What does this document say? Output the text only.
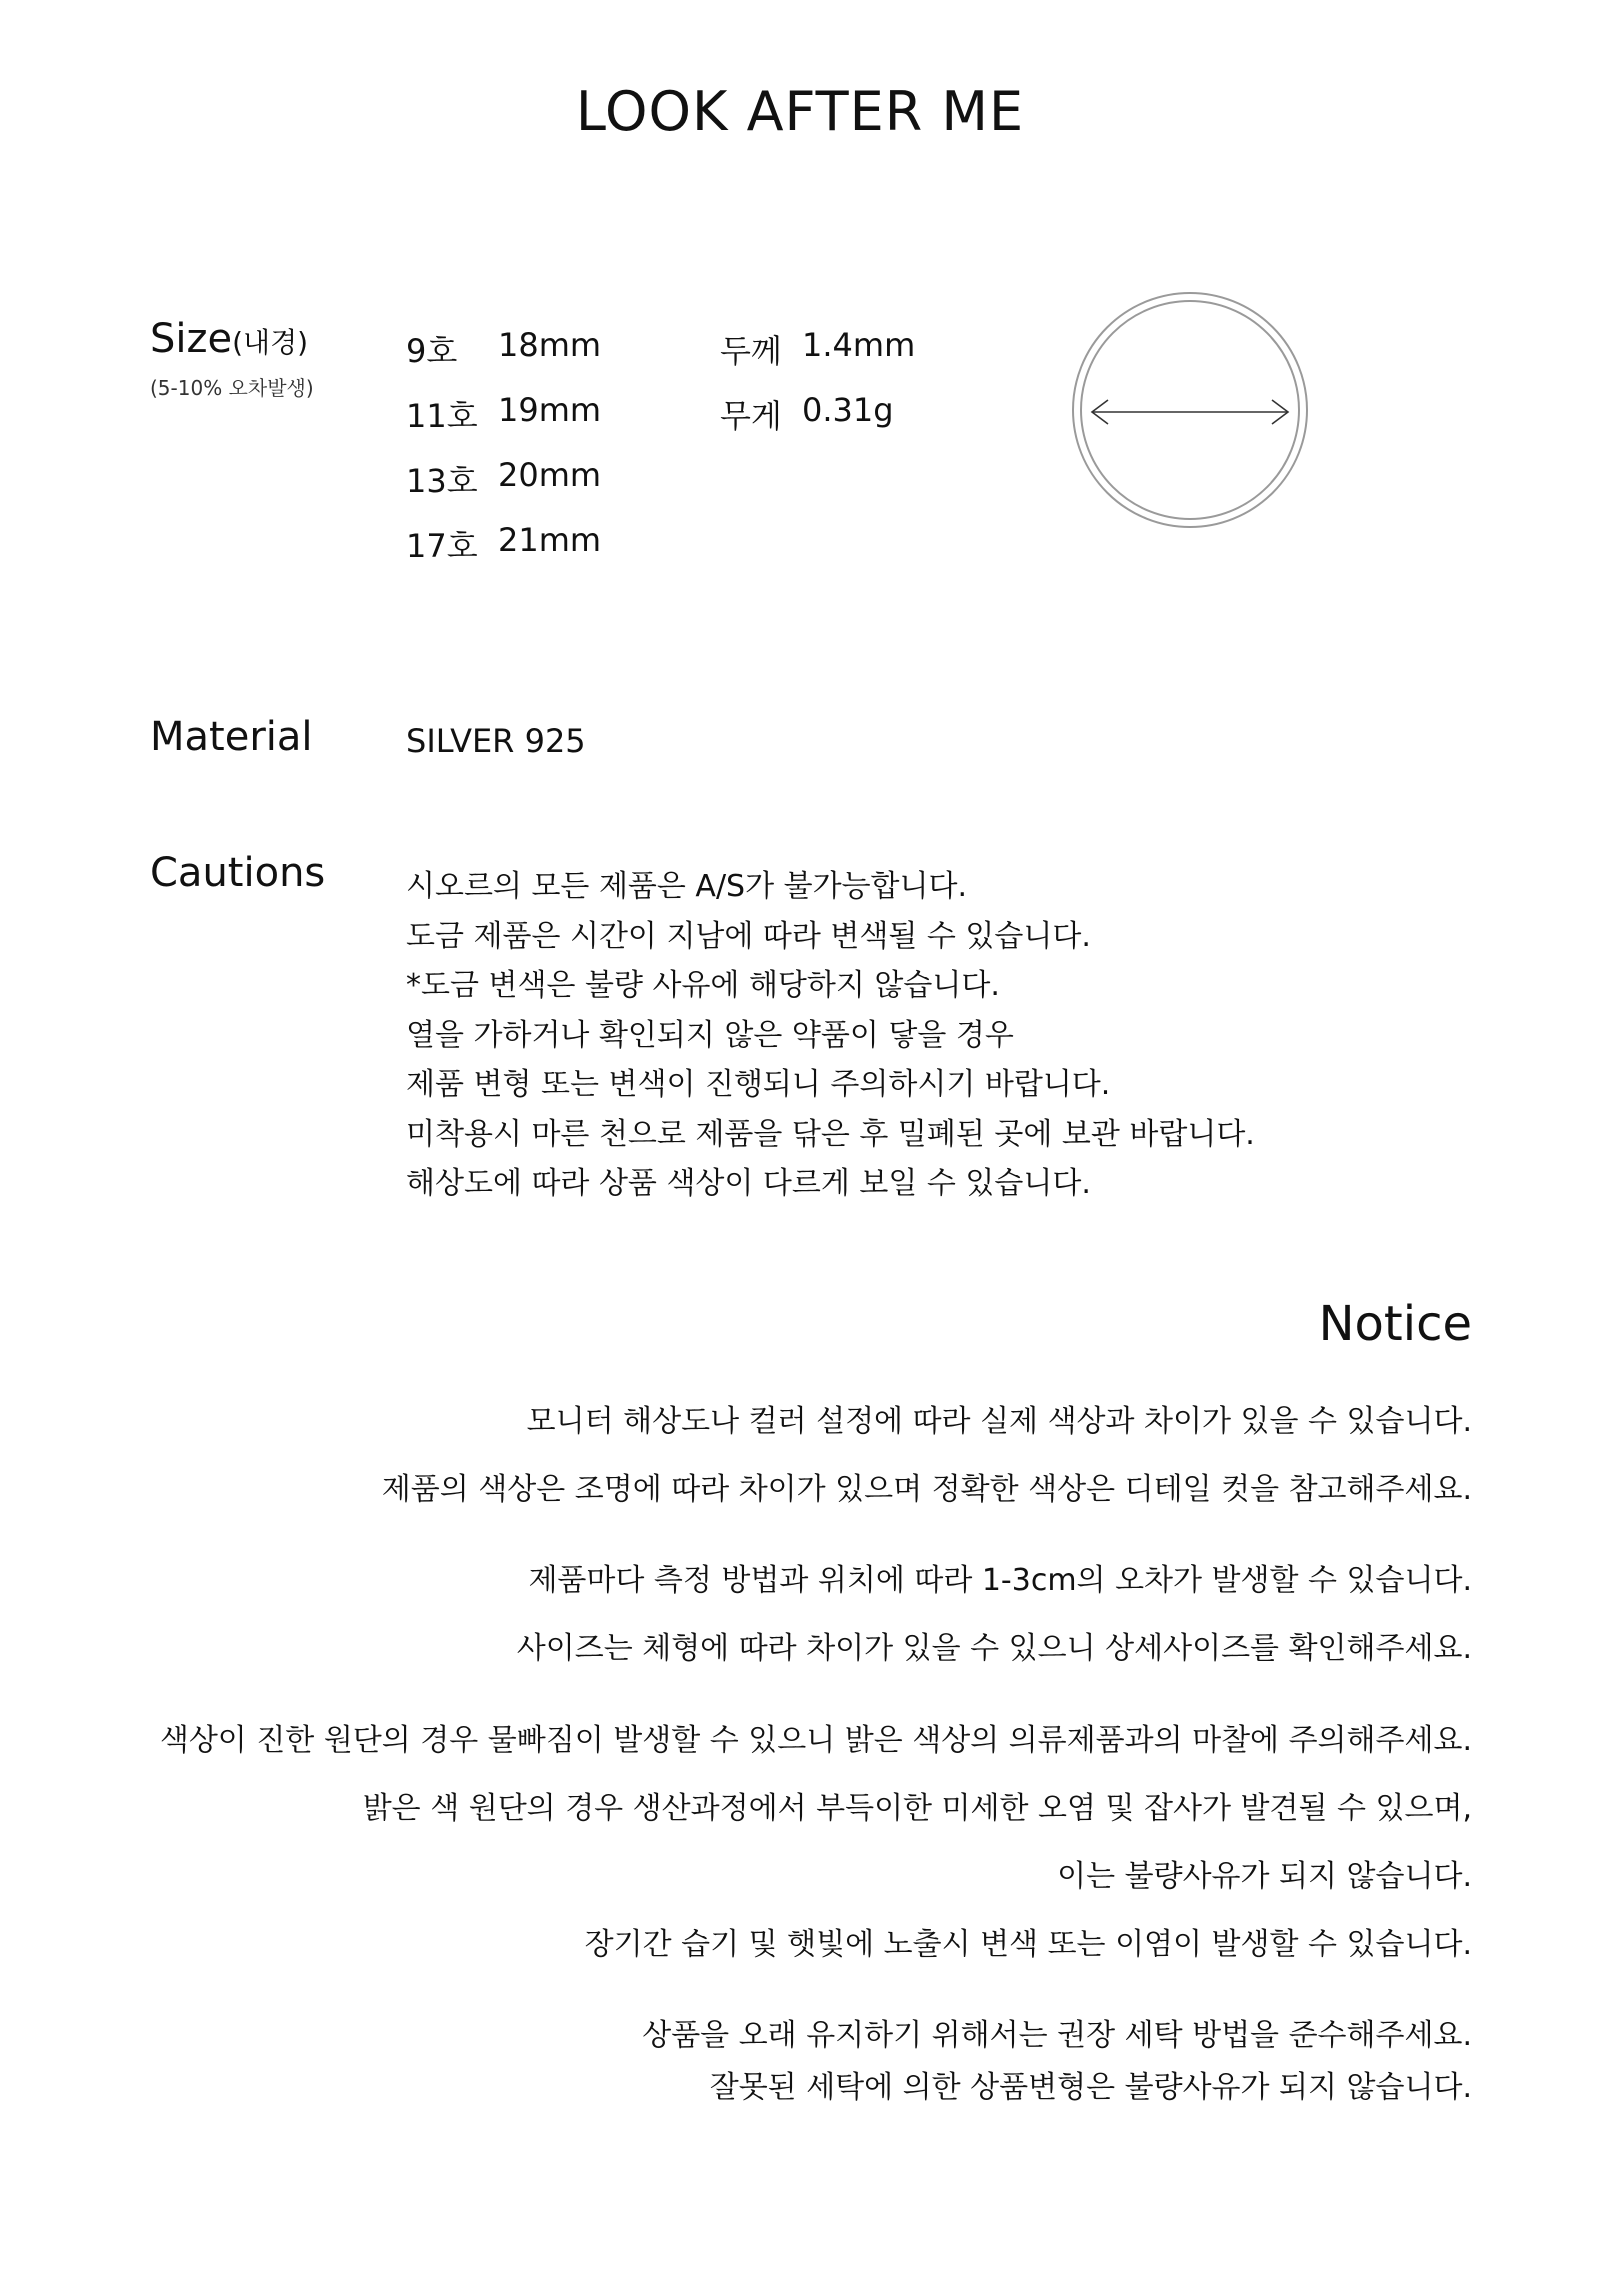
LOOK AFTER ME
Size(내경)
(5-10% 오차발생)
9호 18mm
11호 19mm
13호 20mm
17호 21mm
두께 1.4mm
무게 0.31g
Material	SILVER 925
Cautions	시오르의 모든 제품은 A/S가 불가능합니다.
도금 제품은 시간이 지남에 따라 변색될 수 있습니다.
*도금 변색은 불량 사유에 해당하지 않습니다.
열을 가하거나 확인되지 않은 약품이 닿을 경우
제품 변형 또는 변색이 진행되니 주의하시기 바랍니다.
미착용시 마른 천으로 제품을 닦은 후 밀폐된 곳에 보관 바랍니다.
해상도에 따라 상품 색상이 다르게 보일 수 있습니다.
Notice
모니터 해상도나 컬러 설정에 따라 실제 색상과 차이가 있을 수 있습니다.
제품의 색상은 조명에 따라 차이가 있으며 정확한 색상은 디테일 컷을 참고해주세요.
제품마다 측정 방법과 위치에 따라 1-3cm의 오차가 발생할 수 있습니다.
사이즈는 체형에 따라 차이가 있을 수 있으니 상세사이즈를 확인해주세요.
색상이 진한 원단의 경우 물빠짐이 발생할 수 있으니 밝은 색상의 의류제품과의 마찰에 주의해주세요.
밝은 색 원단의 경우 생산과정에서 부득이한 미세한 오염 및 잡사가 발견될 수 있으며,
이는 불량사유가 되지 않습니다.
장기간 습기 및 햇빛에 노출시 변색 또는 이염이 발생할 수 있습니다.
상품을 오래 유지하기 위해서는 권장 세탁 방법을 준수해주세요.
잘못된 세탁에 의한 상품변형은 불량사유가 되지 않습니다.
